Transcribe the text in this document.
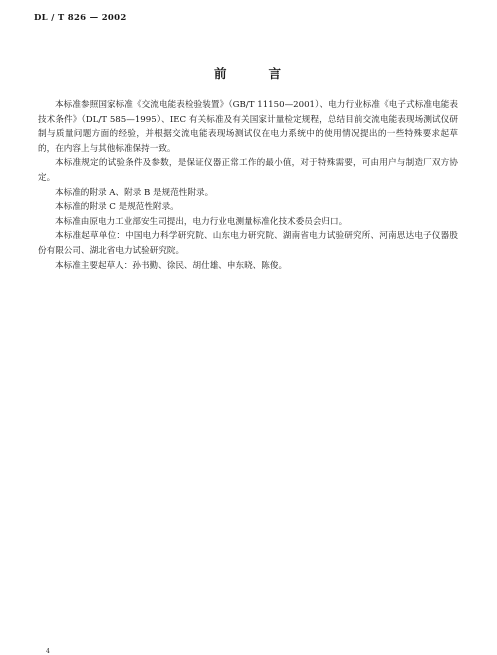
DL / T 826 — 2002
前	言

本标准参照国家标准《交流电能表检验装置》（GB/T 11150—2001）、电力行业标准《电子式标准电能表技术条件》（DL/T 585—1995）、IEC 有关标准及有关国家计量检定规程，总结目前交流电能表现场测试仪研制与质量问题方面的经验，并根据交流电能表现场测试仪在电力系统中的使用情况提出的一些特殊要求起草的，在内容上与其他标准保持一致。

本标准规定的试验条件及参数，是保证仪器正常工作的最小值，对于特殊需要，可由用户与制造厂双方协定。

本标准的附录 A、附录 B 是规范性附录。

本标准的附录 C 是规范性附录。

本标准由原电力工业部安生司提出，电力行业电测量标准化技术委员会归口。

本标准起草单位：中国电力科学研究院、山东电力研究院、湖南省电力试验研究所、河南思达电子仪器股份有限公司、湖北省电力试验研究院。

本标准主要起草人：孙书勤、徐民、胡仕雄、申东晓、陈俊。

4
